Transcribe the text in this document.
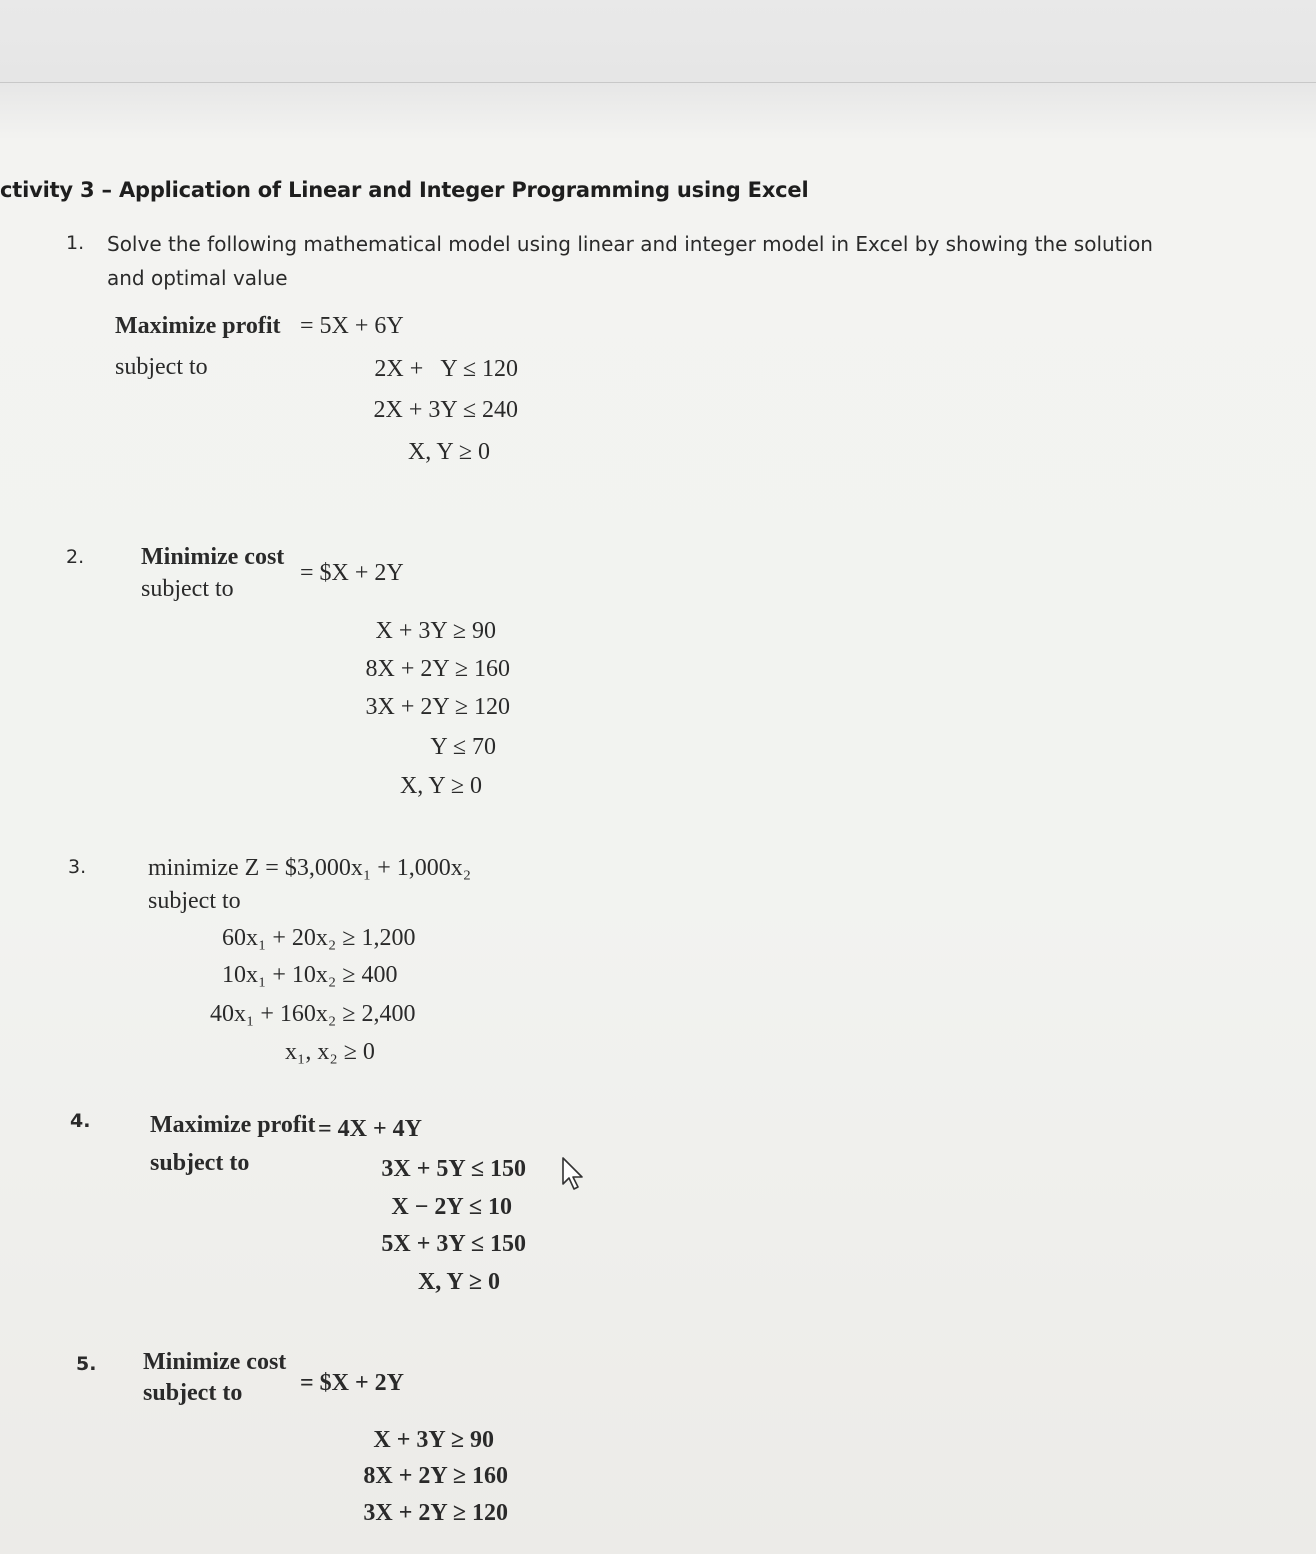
ctivity 3 – Application of Linear and Integer Programming using Excel
1. Solve the following mathematical model using linear and integer model in Excel by showing the solution
and optimal value
Maximize profit = 5X + 6Y
subject to	2X +   Y ≤ 120
2X + 3Y ≤ 240
X, Y ≥ 0
2. Minimize cost
= $X + 2Y
subject to
X + 3Y ≥ 90
8X + 2Y ≥ 160
3X + 2Y ≥ 120
Y ≤ 70
X, Y ≥ 0
3.	minimize Z = $3,000x₁ + 1,000x₂
subject to
60x₁ + 20x₂ ≥ 1,200
10x₁ + 10x₂ ≥ 400
40x₁ + 160x₂ ≥ 2,400
x₁, x₂ ≥ 0
4. Maximize profit = 4X + 4Y
subject to	3X + 5Y ≤ 150
X − 2Y ≤ 10
5X + 3Y ≤ 150
X, Y ≥ 0
5. Minimize cost
= $X + 2Y
subject to
X + 3Y ≥ 90
8X + 2Y ≥ 160
3X + 2Y ≥ 120
